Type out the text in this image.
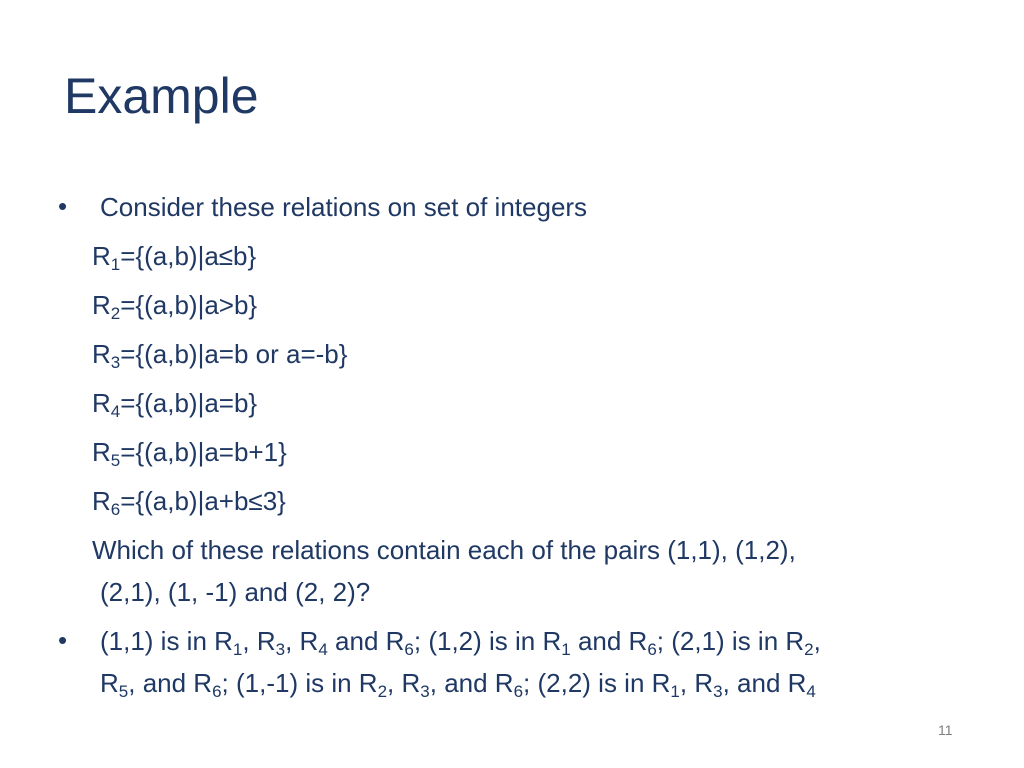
Example
• Consider these relations on set of integers
$R_1=\{(a,b)|a\le b\}$
$R_2=\{(a,b)|a>b\}$
$R_3=\{(a,b)|a=b$ or a=-b}
$R_4=\{(a,b)|a=b\}$
$R_5=\{(a,b)|a=b+1\}$
$R_6=\{(a,b)|a+b\le 3\}$
Which of these relations contain each of the pairs (1,1), (1,2),
(2,1), (1, -1) and (2, 2)?
• (1,1) is in $R_1$, $R_3$, $R_4$ and $R_6$; (1,2) is in $R_1$ and $R_6$; (2,1) is in $R_2$,
$R_5$, and $R_6$; (1,-1) is in $R_2$, $R_3$, and $R_6$; (2,2) is in $R_1$, $R_3$, and $R_4$
11
